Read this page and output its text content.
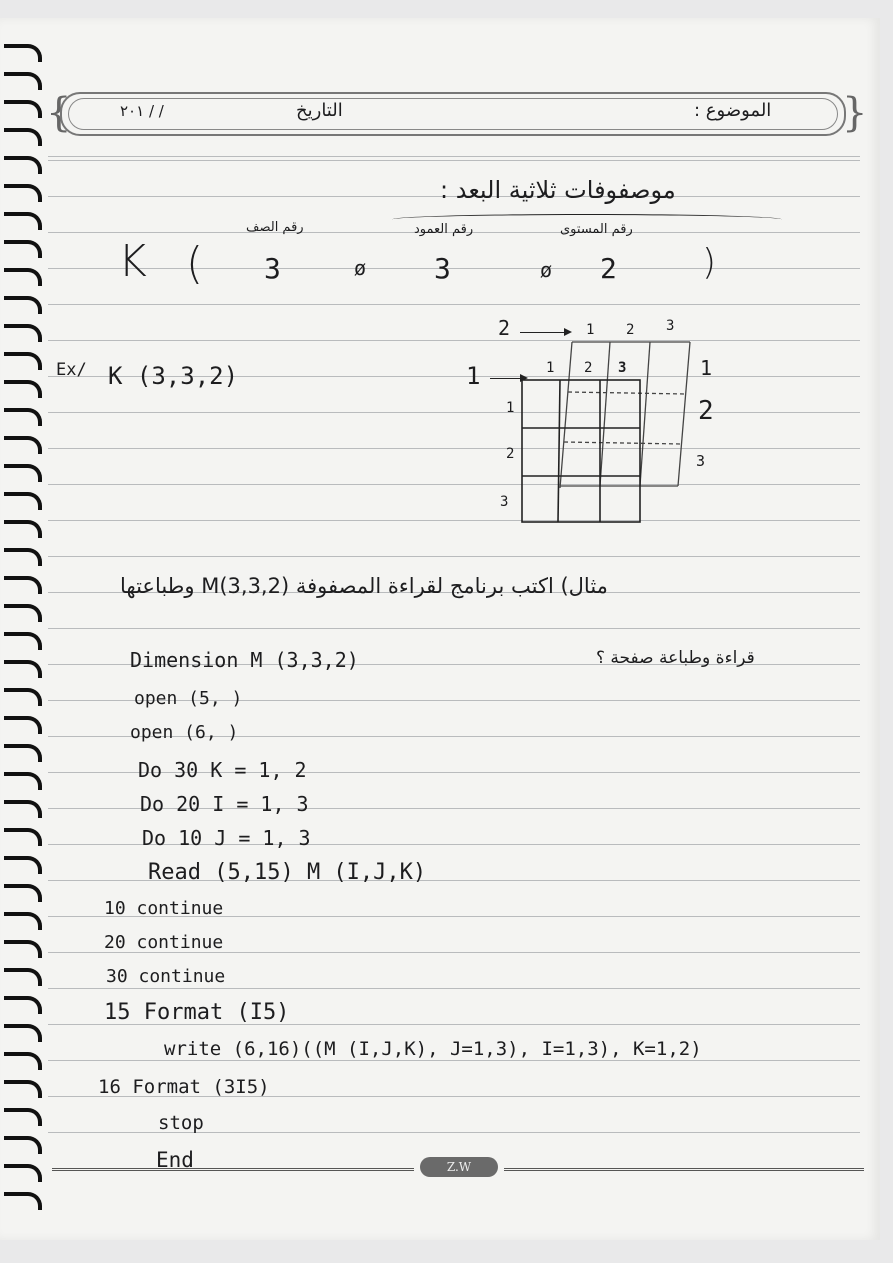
{	}
الموضوع :
التاريخ
/ / ٢٠١
موصفوفات ثلاثية البعد :
رقم الصف	رقم العمود	رقم المستوى
K ( 3	ø 3	ø 2 )
Ex/ K (3,3,2)
2
1
1 2 3
1 2 3
1
2
3
1
2
3
مثال) اكتب برنامج لقراءة المصفوفة M(3,3,2) وطباعتها
قراءة وطباعة صفحة ؟
Dimension M (3,3,2)
open (5, )
open (6, )
Do 30 K = 1, 2
Do 20 I = 1, 3
Do 10 J = 1, 3
Read (5,15) M (I,J,K)
10 continue
20 continue
30 continue
15 Format (I5)
write (6,16)((M (I,J,K), J=1,3), I=1,3), K=1,2)
16 Format (3I5)
stop
End	Z.W
